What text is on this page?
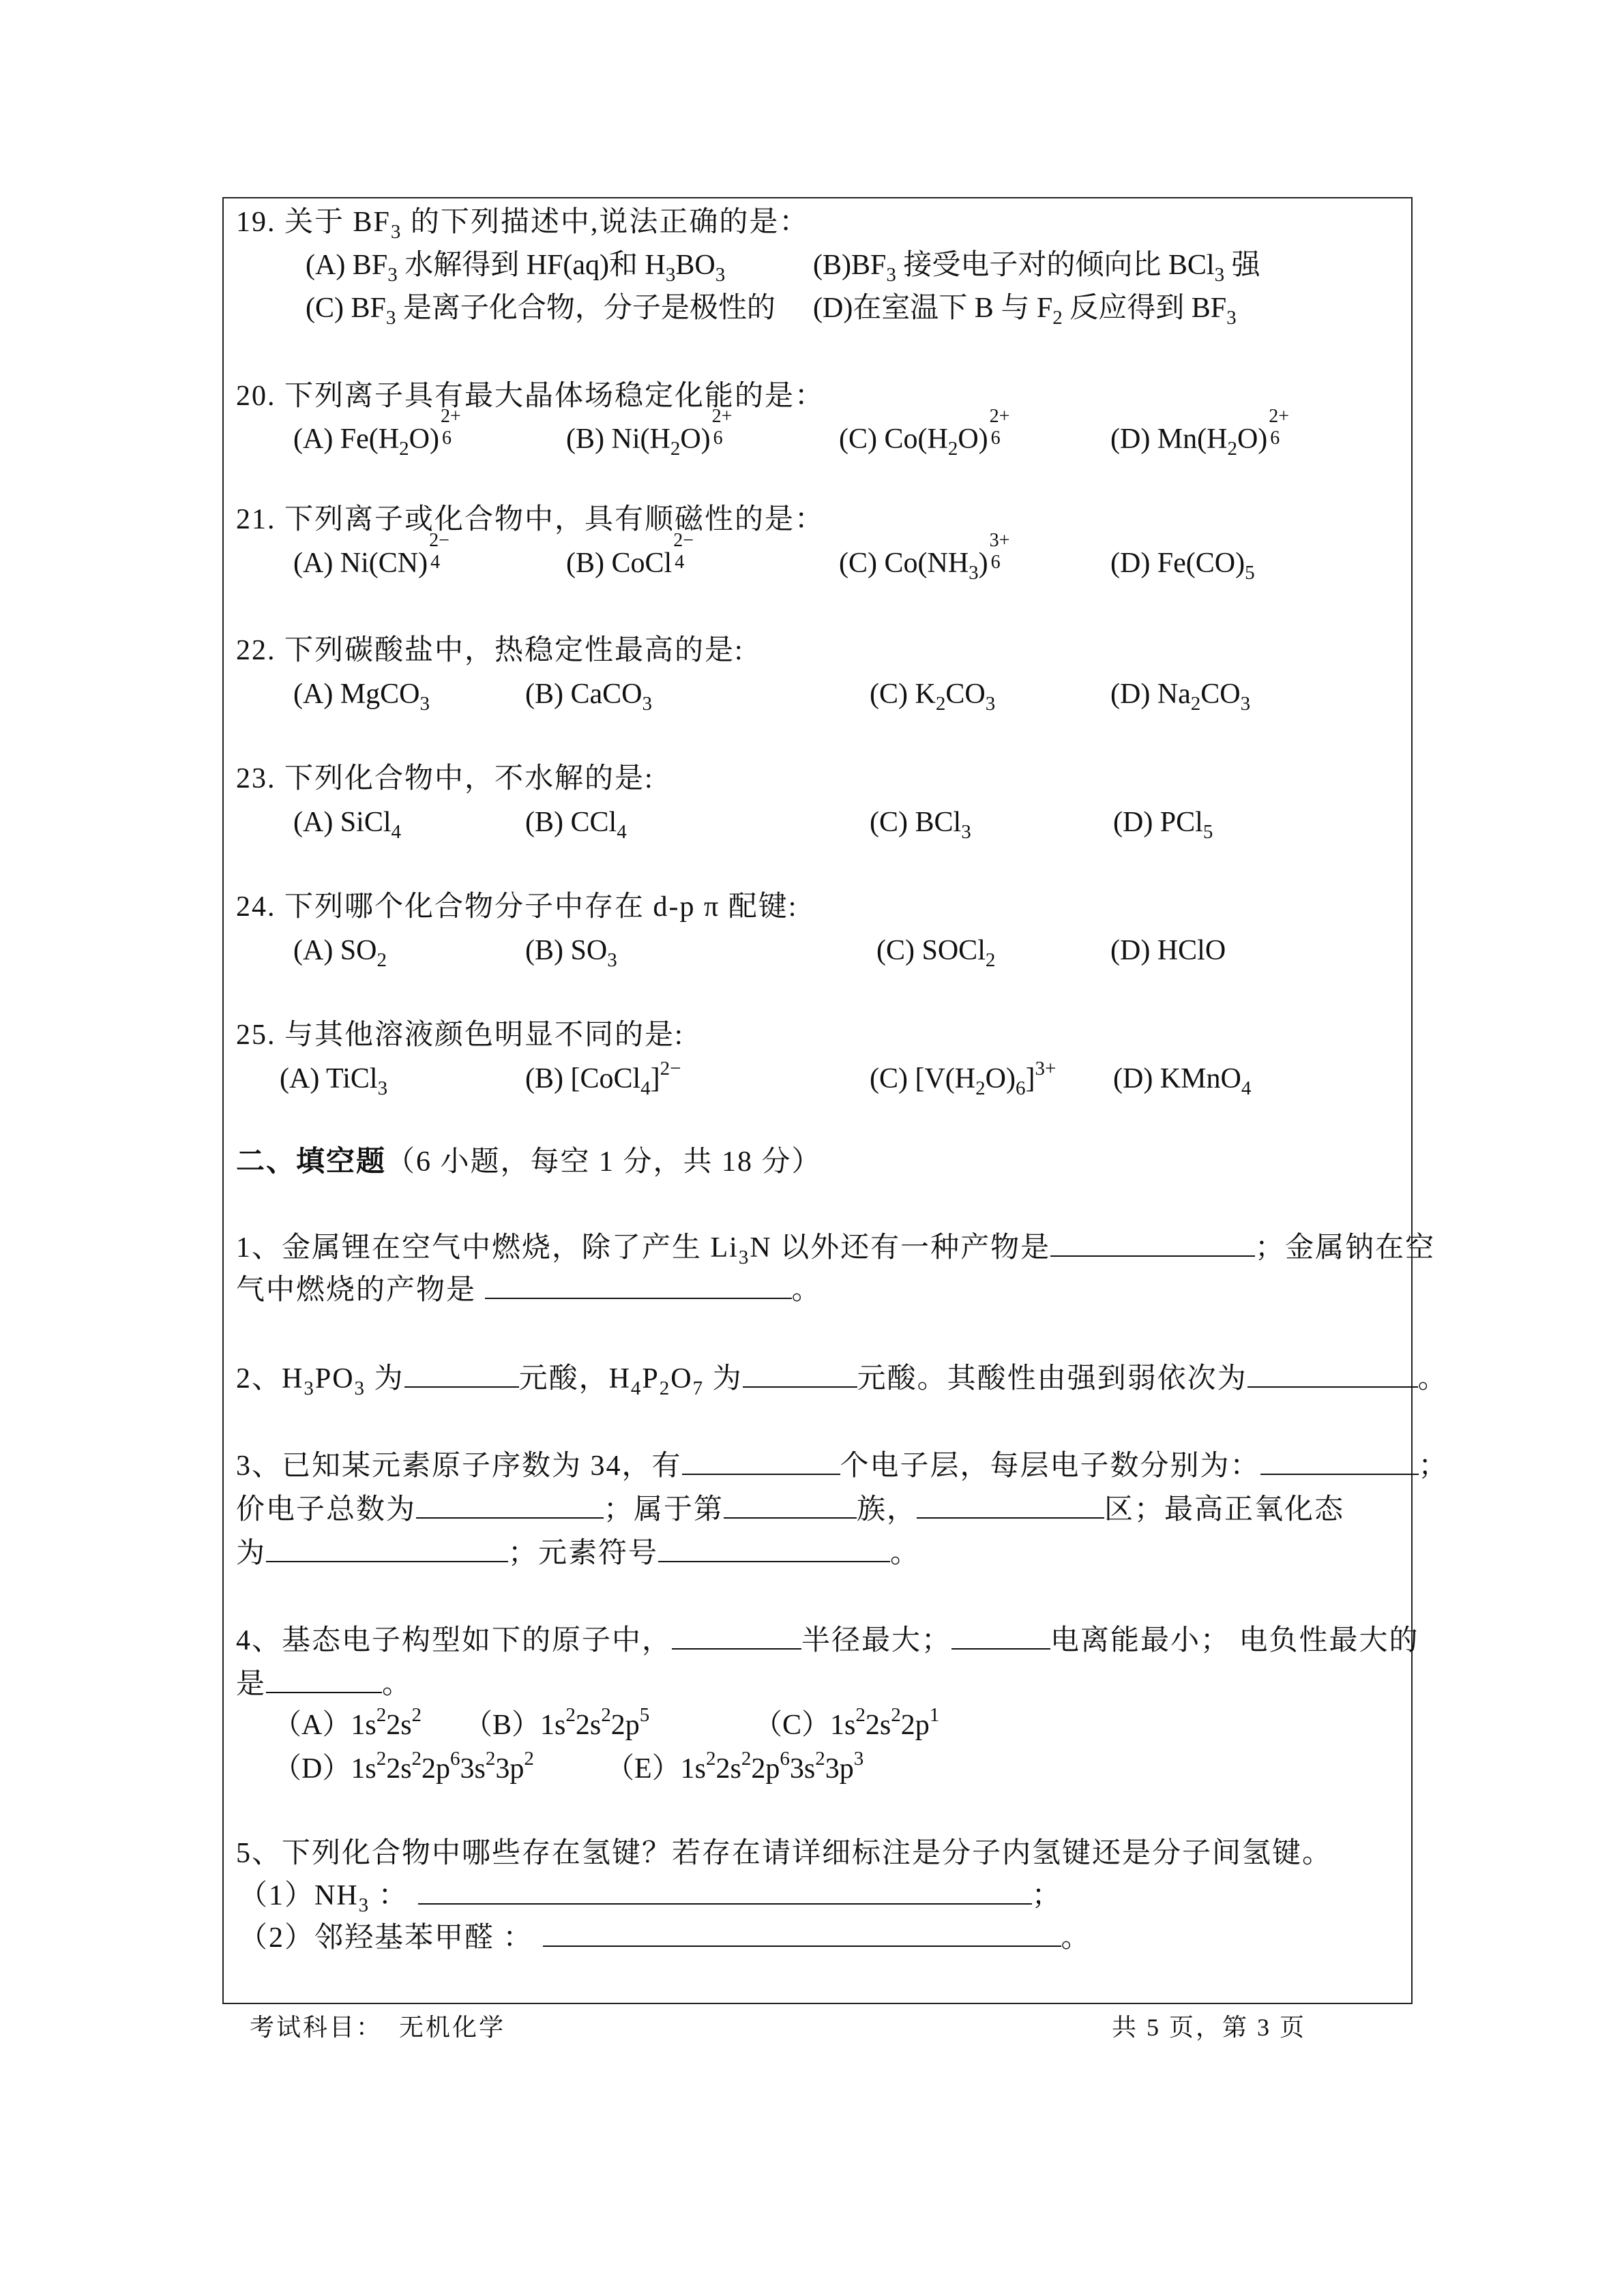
19. 关于 $BF_3$ 的下列描述中,说法正确的是：
(A) $BF_3$ 水解得到 HF(aq)和 $H_3BO_3$	$(B)BF_3$ 接受电子对的倾向比 BCl$_3$ 强
(C) $BF_3$ 是离子化合物，分子是极性的 (D)在室温下 B 与 $F_2$ 反应得到 $BF_3$
20. 下列离子具有最大晶体场稳定化能的是：
(A) $Fe(H_2O)$
2+
6	(B) $Ni(H_2O)$
2+
6	(C) $Co(H_2O)$
2+
6	(D) $Mn(H_2O)$
2+
6
21. 下列离子或化合物中，具有顺磁性的是：
(A) Ni(CN)
2−
4	(B) CoCl
2−
4	(C) $Co(NH_3)$
3+
6	(D) $Fe(CO)_5$
22. 下列碳酸盐中，热稳定性最高的是:
(A) MgCO$_3$	(B) CaCO$_3$	(C) $K_2CO_3$	(D) $Na_2CO_3$
23. 下列化合物中，不水解的是:
(A) SiCl$_4$	(B) CCl$_4$	(C) BCl$_3$	(D) PCl$_5$
24. 下列哪个化合物分子中存在 d-p π 配键:
(A) $SO_2$	(B) $SO_3$	(C) SOCl$_2$	(D) HClO
25. 与其他溶液颜色明显不同的是:
(A) TiCl$_3$	(B) [CoCl$_4$]$^{2-}$	(C) $[V(H_2O)_6]^{3+}$ (D) KMnO$_4$
二、填空题（6 小题，每空 1 分，共 18 分）
1、金属锂在空气中燃烧，除了产生 $Li_3N$ 以外还有一种产物是	；金属钠在空
气中燃烧的产物是	。
2、$H_3PO_3$ 为	元酸，$H_4P_2O_7$ 为	元酸。其酸性由强到弱依次为	。
3、已知某元素原子序数为 34，有	个电子层，每层电子数分别为：	；
价电子总数为	；属于第	族，	区；最高正氧化态
为	；元素符号	。
4、基态电子构型如下的原子中，	半径最大；	电离能最小； 电负性最大的
是	。
$(A)1s^22s^2$ $(B)1s^22s^22p^5$	$(C)1s^22s^22p^1$
$(D)1s^22s^22p^63s^23p^2$	$(E)1s^22s^22p^63s^23p^3$
5、下列化合物中哪些存在氢键？若存在请详细标注是分子内氢键还是分子间氢键。
$(1)NH_3$ ：	；
（2）邻羟基苯甲醛 ：	。
考试科目： 无机化学	共 5 页，第 3 页
